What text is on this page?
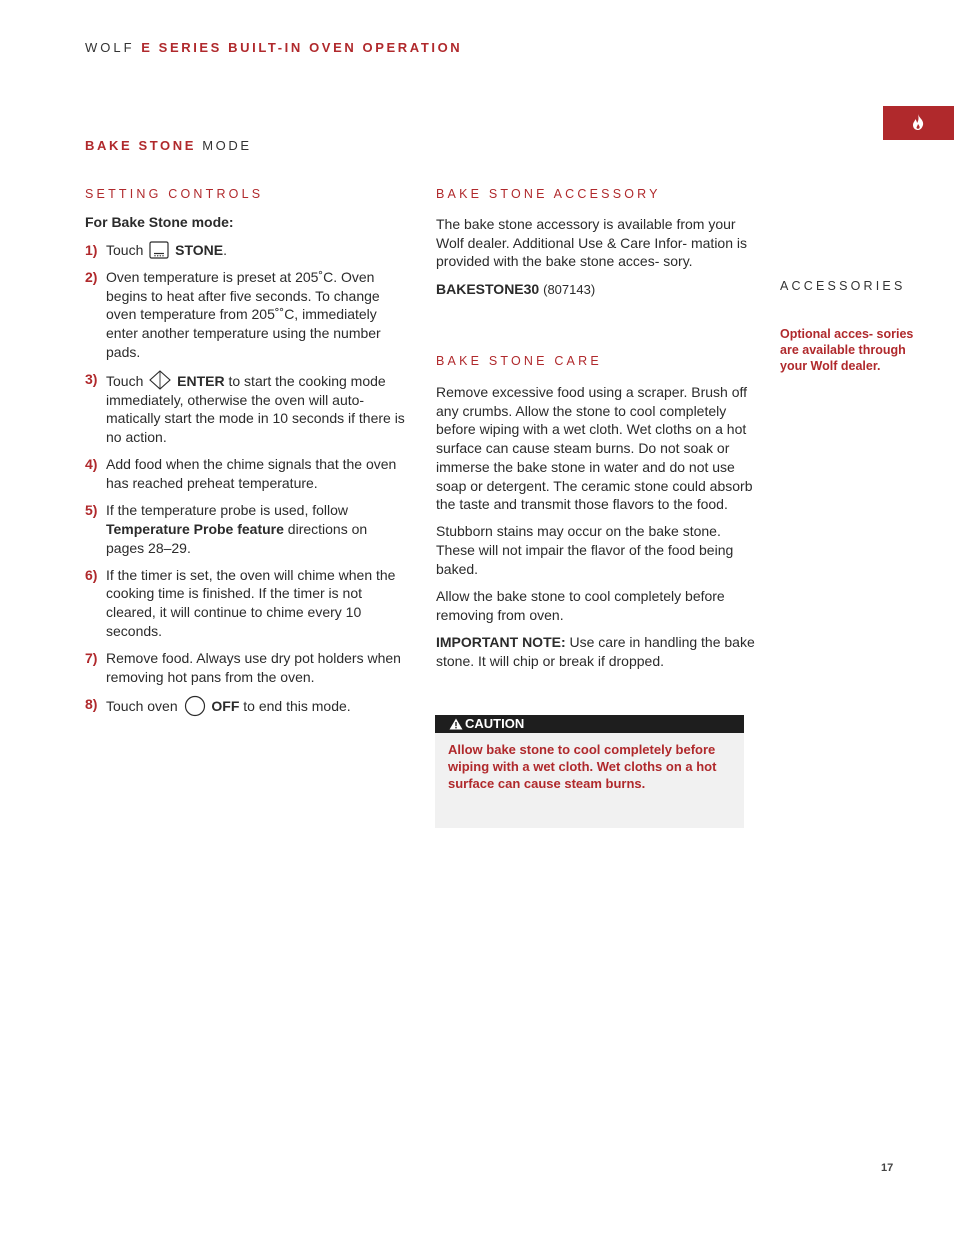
WOLF E SERIES BUILT-IN OVEN OPERATION
BAKE STONE MODE
SETTING CONTROLS

For Bake Stone mode:

1) Touch STONE.
2) Oven temperature is preset at 205˚C. Oven begins to heat after five seconds. To change oven temperature from 205˚˚C, immediately enter another temperature using the number pads.
3) Touch ENTER to start the cooking mode immediately, otherwise the oven will auto- matically start the mode in 10 seconds if there is no action.
4) Add food when the chime signals that the oven has reached preheat temperature.
5) If the temperature probe is used, follow Temperature Probe feature directions on pages 28–29.
6) If the timer is set, the oven will chime when the cooking time is finished. If the timer is not cleared, it will continue to chime every 10 seconds.
7) Remove food. Always use dry pot holders when removing hot pans from the oven.
8) Touch oven OFF to end this mode.
BAKE STONE ACCESSORY

The bake stone accessory is available from your Wolf dealer. Additional Use & Care Infor- mation is provided with the bake stone acces- sory.

BAKESTONE30 (807143)

BAKE STONE CARE

Remove excessive food using a scraper. Brush off any crumbs. Allow the stone to cool completely before wiping with a wet cloth. Wet cloths on a hot surface can cause steam burns. Do not soak or immerse the bake stone in water and do not use soap or detergent. The ceramic stone could absorb the taste and transmit those flavors to the food.

Stubborn stains may occur on the bake stone. These will not impair the flavor of the food being baked.

Allow the bake stone to cool completely before removing from oven.

IMPORTANT NOTE: Use care in handling the bake stone. It will chip or break if dropped.

CAUTION
Allow bake stone to cool completely before wiping with a wet cloth. Wet cloths on a hot surface can cause steam burns.
ACCESSORIES
Optional acces- sories are available through your Wolf dealer.
17
